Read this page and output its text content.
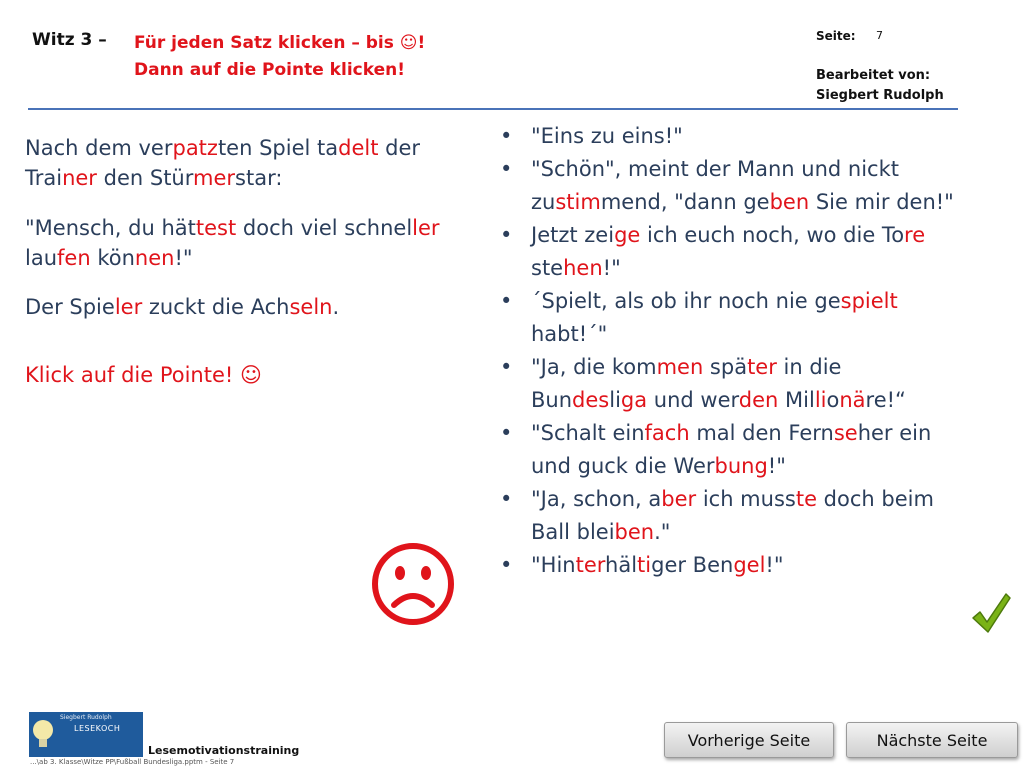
Witz 3 – Für jeden Satz klicken – bis ☺!
Dann auf die Pointe klicken!
Seite: 7
Bearbeitet von:
Siegbert Rudolph
Nach dem verpatzten Spiel tadelt der Trainer den Stürmerstar:
"Mensch, du hättest doch viel schneller laufen können!"
Der Spieler zuckt die Achseln.
Klick auf die Pointe! ☺
• "Eins zu eins!"
• "Schön", meint der Mann und nickt zustimmend, "dann geben Sie mir den!"
• Jetzt zeige ich euch noch, wo die Tore stehen!"
• ´Spielt, als ob ihr noch nie gespielt habt!´"
• "Ja, die kommen später in die Bundesliga und werden Millionäre!“
• "Schalt einfach mal den Fernseher ein und guck die Werbung!"
• "Ja, schon, aber ich musste doch beim Ball bleiben."
• "Hinterhältiger Bengel!"
Siegbert Rudolph
LESEKOCH
Lesemotivationstraining
...\ab 3. Klasse\Witze PP\Fußball Bundesliga.pptm - Seite 7
Vorherige Seite	Nächste Seite
